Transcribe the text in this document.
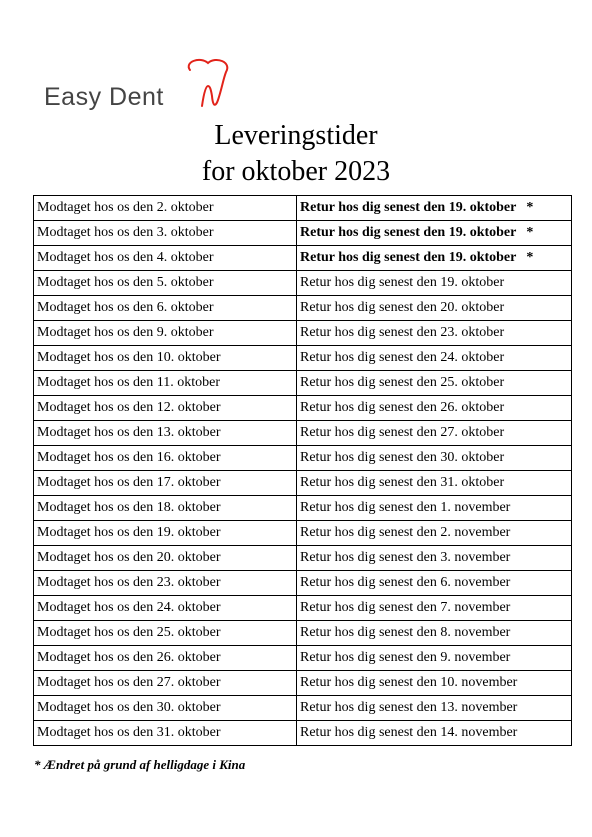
Easy Dent
Leveringstider
for oktober 2023
Modtaget hos os den 2. oktober	Retur hos dig senest den 19. oktober *
Modtaget hos os den 3. oktober	Retur hos dig senest den 19. oktober *
Modtaget hos os den 4. oktober	Retur hos dig senest den 19. oktober *
Modtaget hos os den 5. oktober	Retur hos dig senest den 19. oktober
Modtaget hos os den 6. oktober	Retur hos dig senest den 20. oktober
Modtaget hos os den 9. oktober	Retur hos dig senest den 23. oktober
Modtaget hos os den 10. oktober	Retur hos dig senest den 24. oktober
Modtaget hos os den 11. oktober	Retur hos dig senest den 25. oktober
Modtaget hos os den 12. oktober	Retur hos dig senest den 26. oktober
Modtaget hos os den 13. oktober	Retur hos dig senest den 27. oktober
Modtaget hos os den 16. oktober	Retur hos dig senest den 30. oktober
Modtaget hos os den 17. oktober	Retur hos dig senest den 31. oktober
Modtaget hos os den 18. oktober	Retur hos dig senest den 1. november
Modtaget hos os den 19. oktober	Retur hos dig senest den 2. november
Modtaget hos os den 20. oktober	Retur hos dig senest den 3. november
Modtaget hos os den 23. oktober	Retur hos dig senest den 6. november
Modtaget hos os den 24. oktober	Retur hos dig senest den 7. november
Modtaget hos os den 25. oktober	Retur hos dig senest den 8. november
Modtaget hos os den 26. oktober	Retur hos dig senest den 9. november
Modtaget hos os den 27. oktober	Retur hos dig senest den 10. november
Modtaget hos os den 30. oktober	Retur hos dig senest den 13. november
Modtaget hos os den 31. oktober	Retur hos dig senest den 14. november
* Ændret på grund af helligdage i Kina
